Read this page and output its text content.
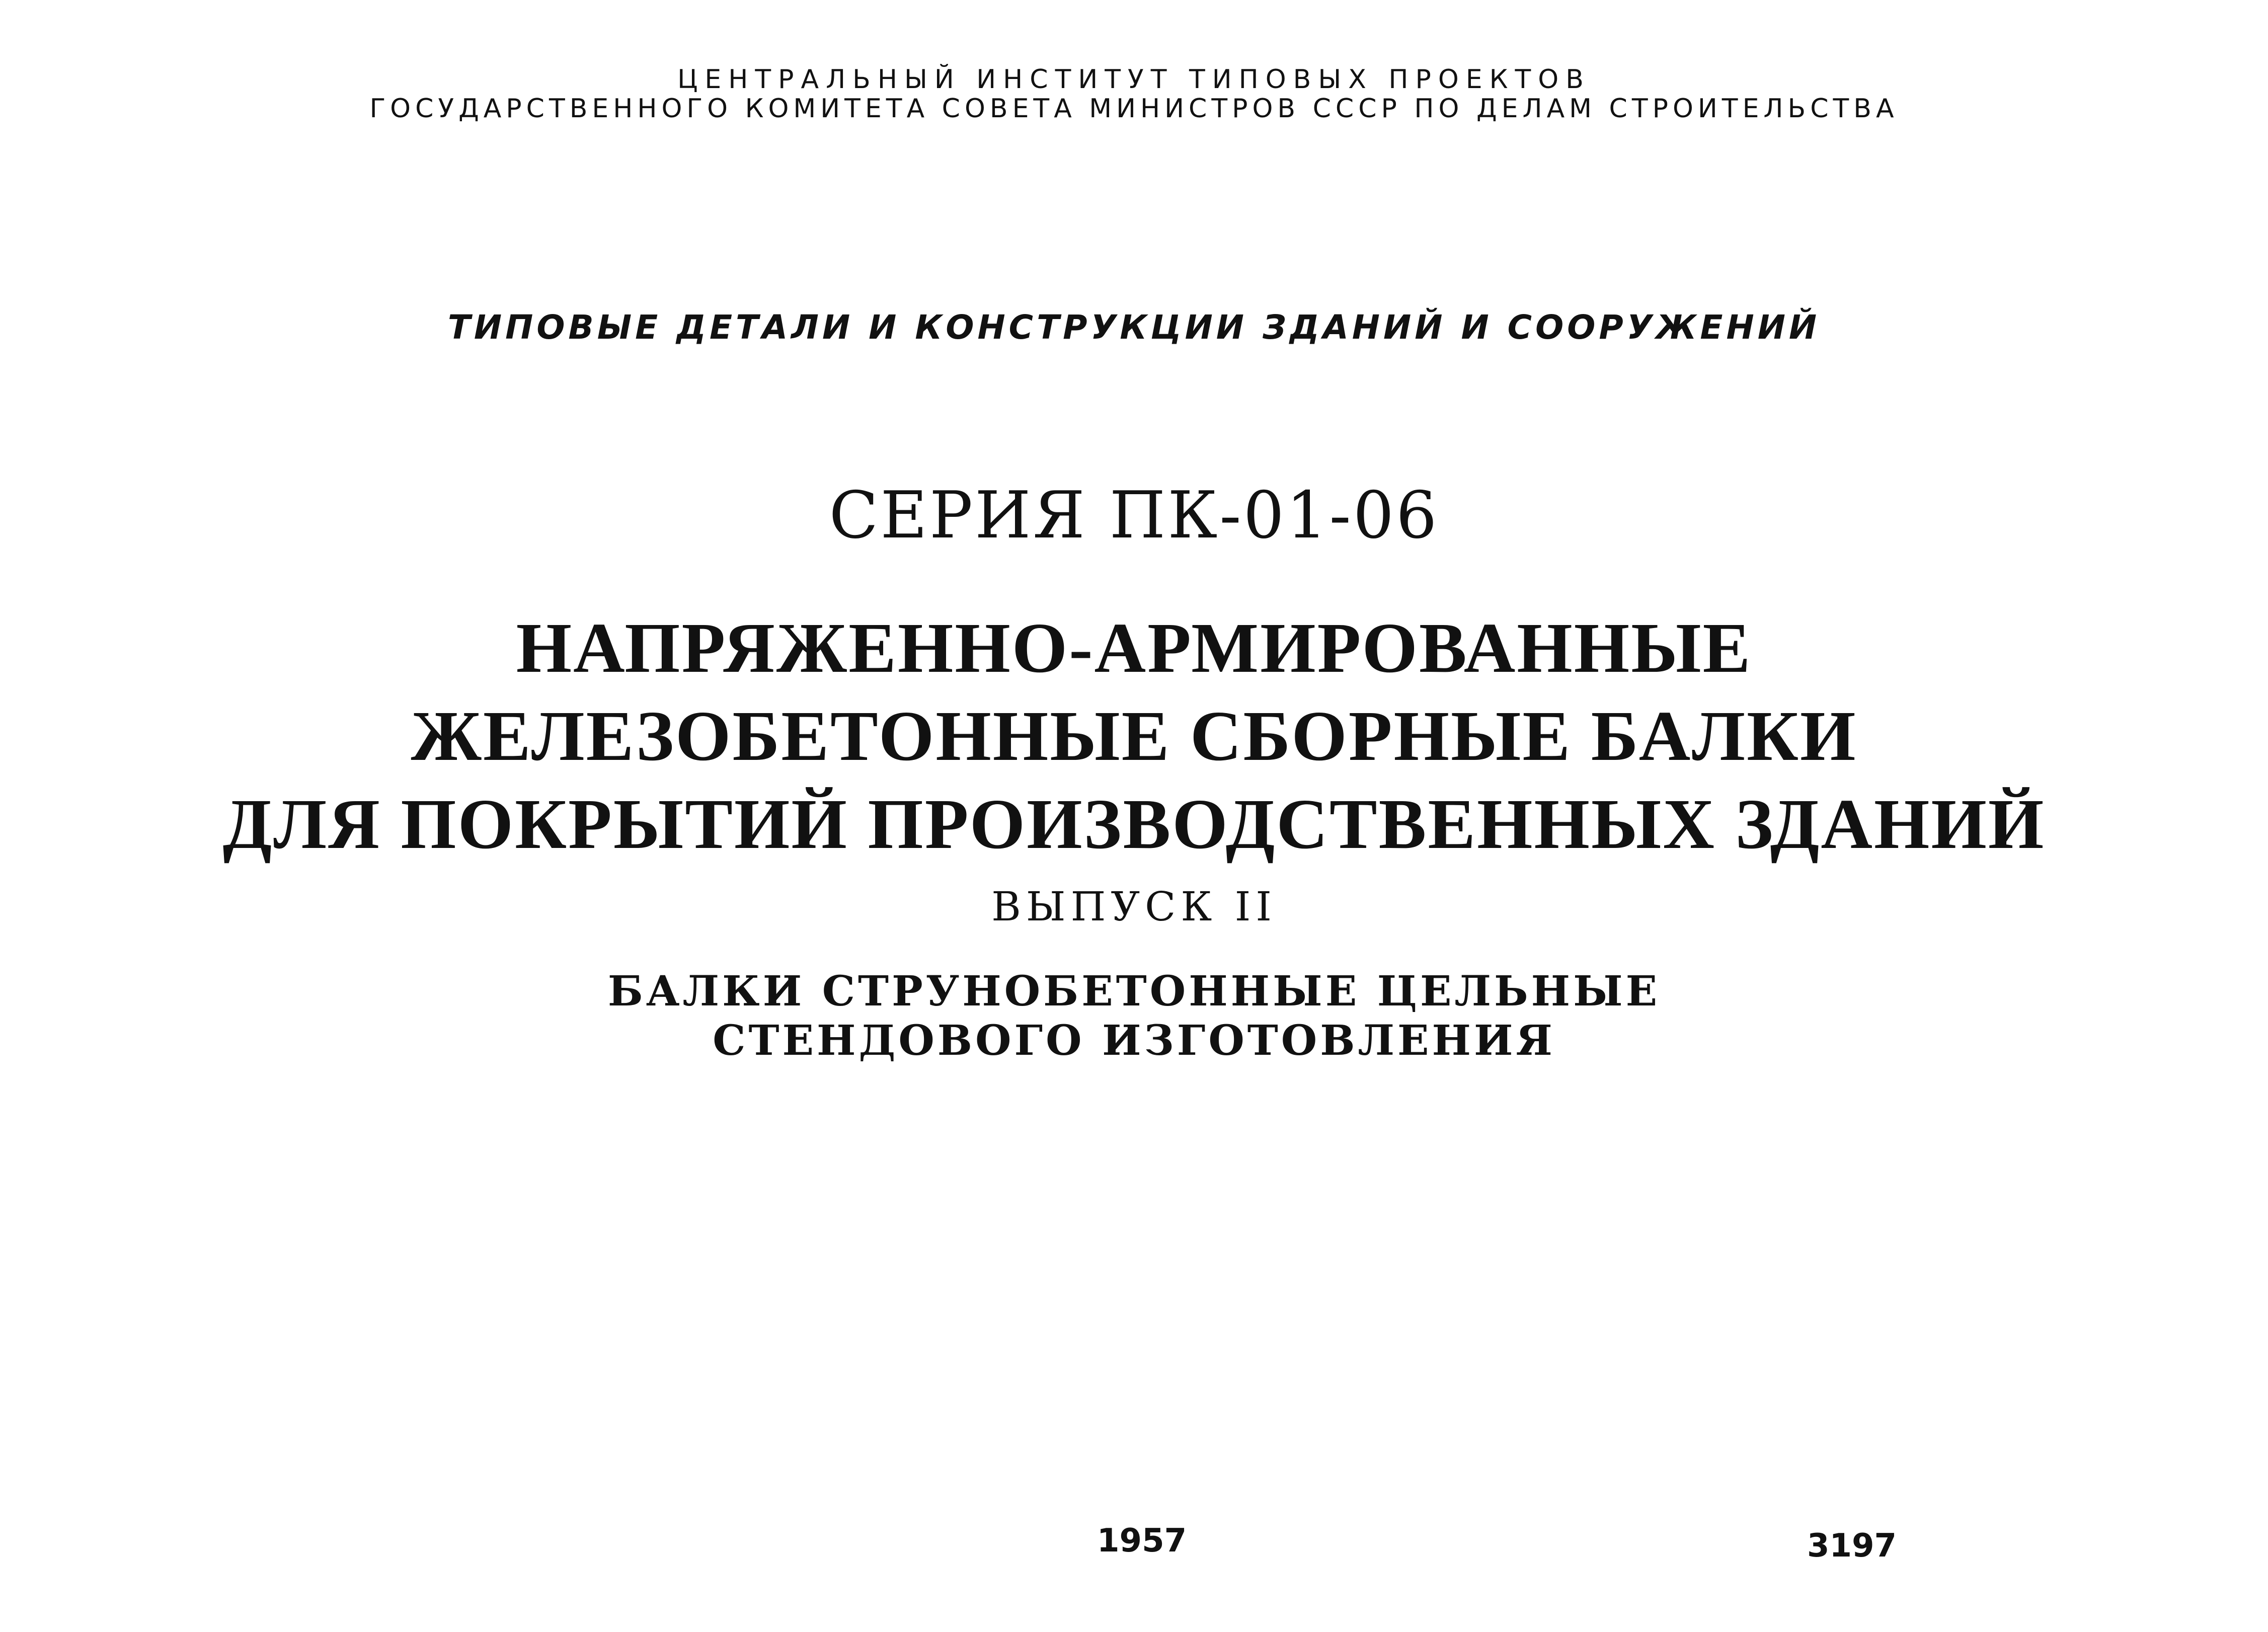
ЦЕНТРАЛЬНЫЙ ИНСТИТУТ ТИПОВЫХ ПРОЕКТОВ

ГОСУДАРСТВЕННОГО КОМИТЕТА СОВЕТА МИНИСТРОВ СССР ПО ДЕЛАМ СТРОИТЕЛЬСТВА

ТИПОВЫЕ ДЕТАЛИ И КОНСТРУКЦИИ ЗДАНИЙ И СООРУЖЕНИЙ

СЕРИЯ ПК-01-06

НАПРЯЖЕННО-АРМИРОВАННЫЕ

ЖЕЛЕЗОБЕТОННЫЕ СБОРНЫЕ БАЛКИ

ДЛЯ ПОКРЫТИЙ ПРОИЗВОДСТВЕННЫХ ЗДАНИЙ

ВЫПУСК II

БАЛКИ СТРУНОБЕТОННЫЕ ЦЕЛЬНЫЕ

СТЕНДОВОГО ИЗГОТОВЛЕНИЯ

1957	3197
